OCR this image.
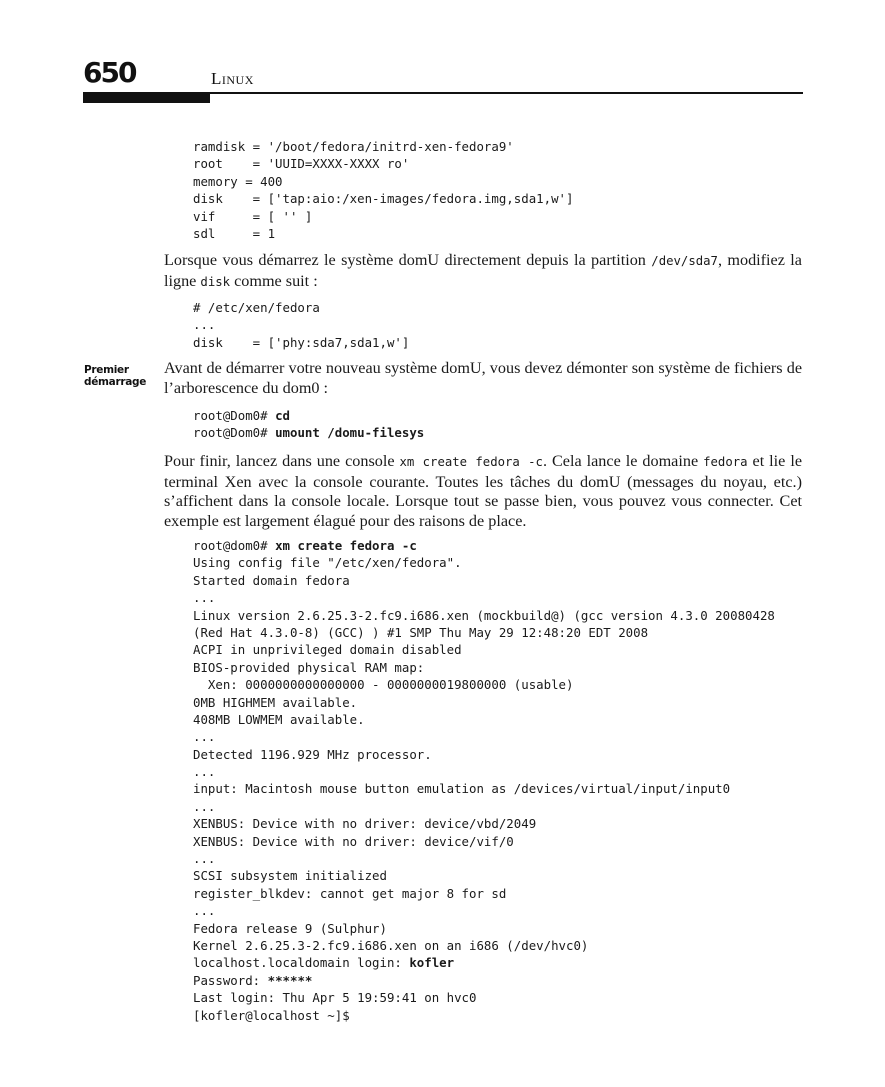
650	Linux
ramdisk = '/boot/fedora/initrd-xen-fedora9'
root    = 'UUID=XXXX-XXXX ro'
memory = 400
disk    = ['tap:aio:/xen-images/fedora.img,sda1,w']
vif     = [ '' ]
sdl     = 1

Lorsque vous démarrez le système domU directement depuis la partition /dev/sda7, modifiez la ligne disk comme suit :

# /etc/xen/fedora
...
disk    = ['phy:sda7,sda1,w']
Premier
démarrage

Avant de démarrer votre nouveau système domU, vous devez démonter son système de fichiers de l’arborescence du dom0 :

root@Dom0# cd
root@Dom0# umount /domu-filesys

Pour finir, lancez dans une console xm create fedora -c. Cela lance le domaine fedora et lie le terminal Xen avec la console courante. Toutes les tâches du domU (messages du noyau, etc.) s’affichent dans la console locale. Lorsque tout se passe bien, vous pouvez vous connecter. Cet exemple est largement élagué pour des raisons de place.

root@dom0# xm create fedora -c
Using config file "/etc/xen/fedora".
Started domain fedora
...
Linux version 2.6.25.3-2.fc9.i686.xen (mockbuild@) (gcc version 4.3.0 20080428
(Red Hat 4.3.0-8) (GCC) ) #1 SMP Thu May 29 12:48:20 EDT 2008
ACPI in unprivileged domain disabled
BIOS-provided physical RAM map:
Xen: 0000000000000000 - 0000000019800000 (usable)
0MB HIGHMEM available.
408MB LOWMEM available.
...
Detected 1196.929 MHz processor.
...
input: Macintosh mouse button emulation as /devices/virtual/input/input0
...
XENBUS: Device with no driver: device/vbd/2049
XENBUS: Device with no driver: device/vif/0
...
SCSI subsystem initialized
register_blkdev: cannot get major 8 for sd
...
Fedora release 9 (Sulphur)
Kernel 2.6.25.3-2.fc9.i686.xen on an i686 (/dev/hvc0)
localhost.localdomain login: kofler
Password: ******
Last login: Thu Apr 5 19:59:41 on hvc0
[kofler@localhost ~]$
